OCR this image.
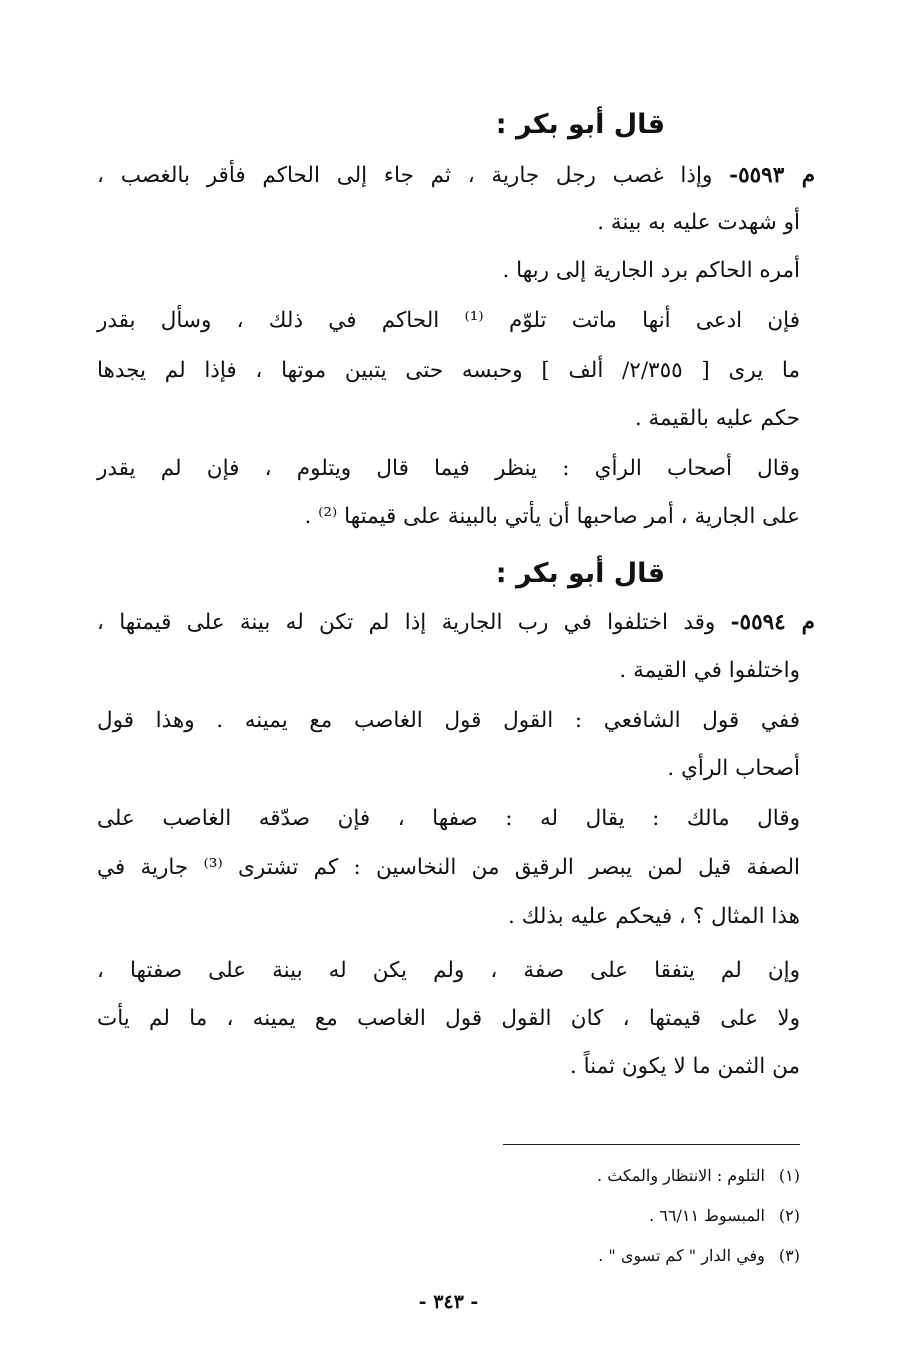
قال أبو بكر :
م ٥٥٩٣- وإذا غصب رجل جارية ، ثم جاء إلى الحاكم فأقر بالغصب ،
أو شهدت عليه به بينة .
أمره الحاكم برد الجارية إلى ربها .
فإن ادعى أنها ماتت تلوّم ⁽¹⁾ الحاكم في ذلك ، وسأل بقدر
ما يرى [ ٢/٣٥٥/ ألف ] وحبسه حتى يتبين موتها ، فإذا لم يجدها
حكم عليه بالقيمة .
وقال أصحاب الرأي : ينظر فيما قال ويتلوم ، فإن لم يقدر
على الجارية ، أمر صاحبها أن يأتي بالبينة على قيمتها ⁽²⁾ .
قال أبو بكر :
م ٥٥٩٤- وقد اختلفوا في رب الجارية إذا لم تكن له بينة على قيمتها ،
واختلفوا في القيمة .
ففي قول الشافعي : القول قول الغاصب مع يمينه . وهذا قول
أصحاب الرأي .
وقال مالك : يقال له : صفها ، فإن صدّقه الغاصب على
الصفة قيل لمن يبصر الرقيق من النخاسين : كم تشترى ⁽³⁾ جارية في
هذا المثال ؟ ، فيحكم عليه بذلك .
وإن لم يتفقا على صفة ، ولم يكن له بينة على صفتها ،
ولا على قيمتها ، كان القول قول الغاصب مع يمينه ، ما لم يأت
من الثمن ما لا يكون ثمناً .
(١)التلوم : الانتظار والمكث .
(٢)المبسوط ٦٦/١١ .
(٣)وفي الدار " كم تسوى " .
- ٣٤٣ -
